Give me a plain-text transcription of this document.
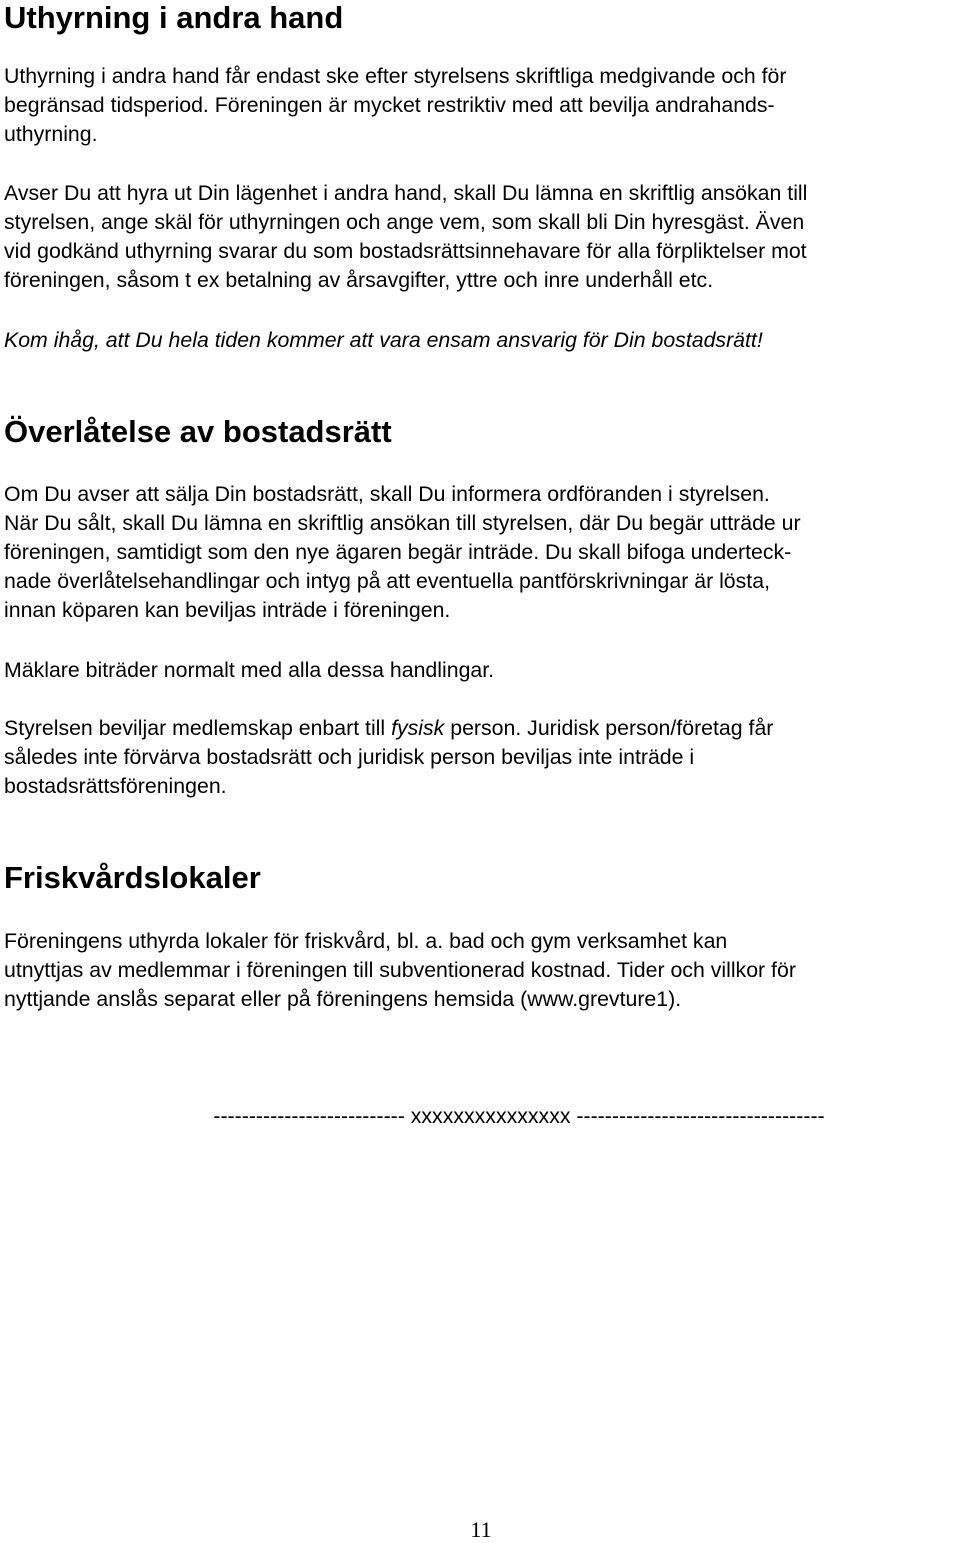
Uthyrning i andra hand

Uthyrning i andra hand får endast ske efter styrelsens skriftliga medgivande och för
begränsad tidsperiod. Föreningen är mycket restriktiv med att bevilja andrahands-
uthyrning.

Avser Du att hyra ut Din lägenhet i andra hand, skall Du lämna en skriftlig ansökan till
styrelsen, ange skäl för uthyrningen och ange vem, som skall bli Din hyresgäst. Även
vid godkänd uthyrning svarar du som bostadsrättsinnehavare för alla förpliktelser mot
föreningen, såsom t ex betalning av årsavgifter, yttre och inre underhåll etc.

Kom ihåg, att Du hela tiden kommer att vara ensam ansvarig för Din bostadsrätt!

Överlåtelse av bostadsrätt

Om Du avser att sälja Din bostadsrätt, skall Du informera ordföranden i styrelsen.
När Du sålt, skall Du lämna en skriftlig ansökan till styrelsen, där Du begär utträde ur
föreningen, samtidigt som den nye ägaren begär inträde. Du skall bifoga underteck-
nade överlåtelsehandlingar och intyg på att eventuella pantförskrivningar är lösta,
innan köparen kan beviljas inträde i föreningen.

Mäklare biträder normalt med alla dessa handlingar.

Styrelsen beviljar medlemskap enbart till fysisk person. Juridisk person/företag får
således inte förvärva bostadsrätt och juridisk person beviljas inte inträde i
bostadsrättsföreningen.

Friskvårdslokaler

Föreningens uthyrda lokaler för friskvård, bl. a. bad och gym verksamhet kan
utnyttjas av medlemmar i föreningen till subventionerad kostnad. Tider och villkor för
nyttjande anslås separat eller på föreningens hemsida (www.grevture1).

--------------------------- xxxxxxxxxxxxxxx -----------------------------------
11
